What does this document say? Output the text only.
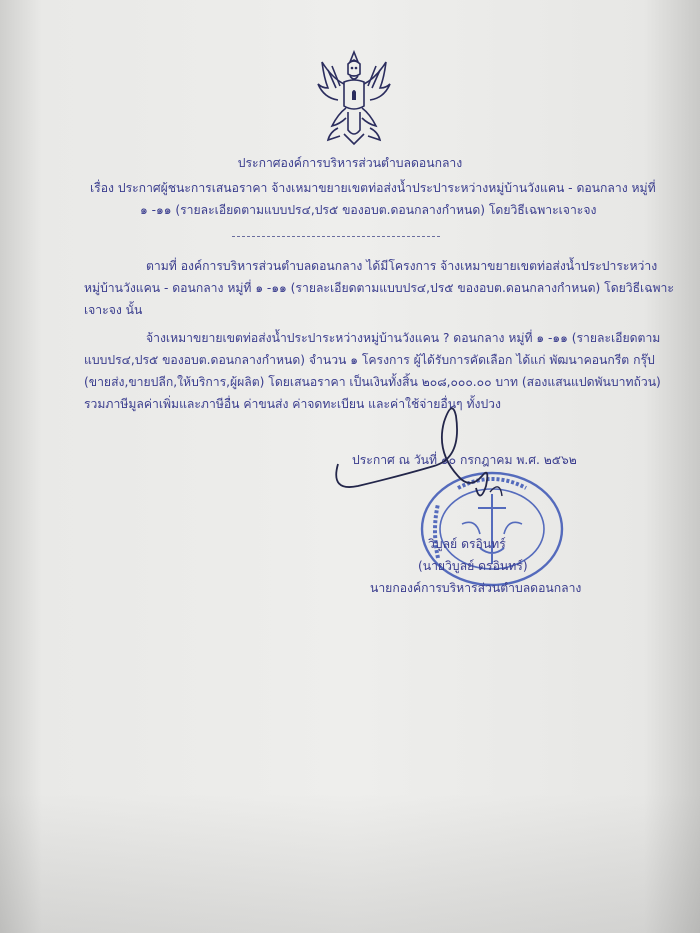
ประกาศองค์การบริหารส่วนตำบลดอนกลาง
เรื่อง ประกาศผู้ชนะการเสนอราคา จ้างเหมาขยายเขตท่อส่งน้ำประปาระหว่างหมู่บ้านวังแคน - ดอนกลาง หมู่ที่
๑ -๑๑ (รายละเอียดตามแบบปร๔,ปร๕ ของอบต.ดอนกลางกำหนด) โดยวิธีเฉพาะเจาะจง
ตามที่ องค์การบริหารส่วนตำบลดอนกลาง ได้มีโครงการ จ้างเหมาขยายเขตท่อส่งน้ำประปาระหว่าง
หมู่บ้านวังแคน - ดอนกลาง หมู่ที่ ๑ -๑๑ (รายละเอียดตามแบบปร๔,ปร๕ ของอบต.ดอนกลางกำหนด) โดยวิธีเฉพาะ
เจาะจง นั้น
จ้างเหมาขยายเขตท่อส่งน้ำประปาระหว่างหมู่บ้านวังแคน ? ดอนกลาง หมู่ที่ ๑ -๑๑ (รายละเอียดตาม
แบบปร๔,ปร๕ ของอบต.ดอนกลางกำหนด) จำนวน ๑ โครงการ ผู้ได้รับการคัดเลือก ได้แก่ พัฒนาคอนกรีต กรุ๊ป
(ขายส่ง,ขายปลีก,ให้บริการ,ผู้ผลิต) โดยเสนอราคา เป็นเงินทั้งสิ้น ๒๐๘,๐๐๐.๐๐ บาท (สองแสนแปดพันบาทถ้วน)
รวมภาษีมูลค่าเพิ่มและภาษีอื่น ค่าขนส่ง ค่าจดทะเบียน และค่าใช้จ่ายอื่นๆ ทั้งปวง
ประกาศ ณ วันที่ ๑๐ กรกฎาคม พ.ศ. ๒๕๖๒
วิบูลย์ ดรอินทร์
(นายวิบูลย์ ดรอินทร์)
นายกองค์การบริหารส่วนตำบลดอนกลาง
